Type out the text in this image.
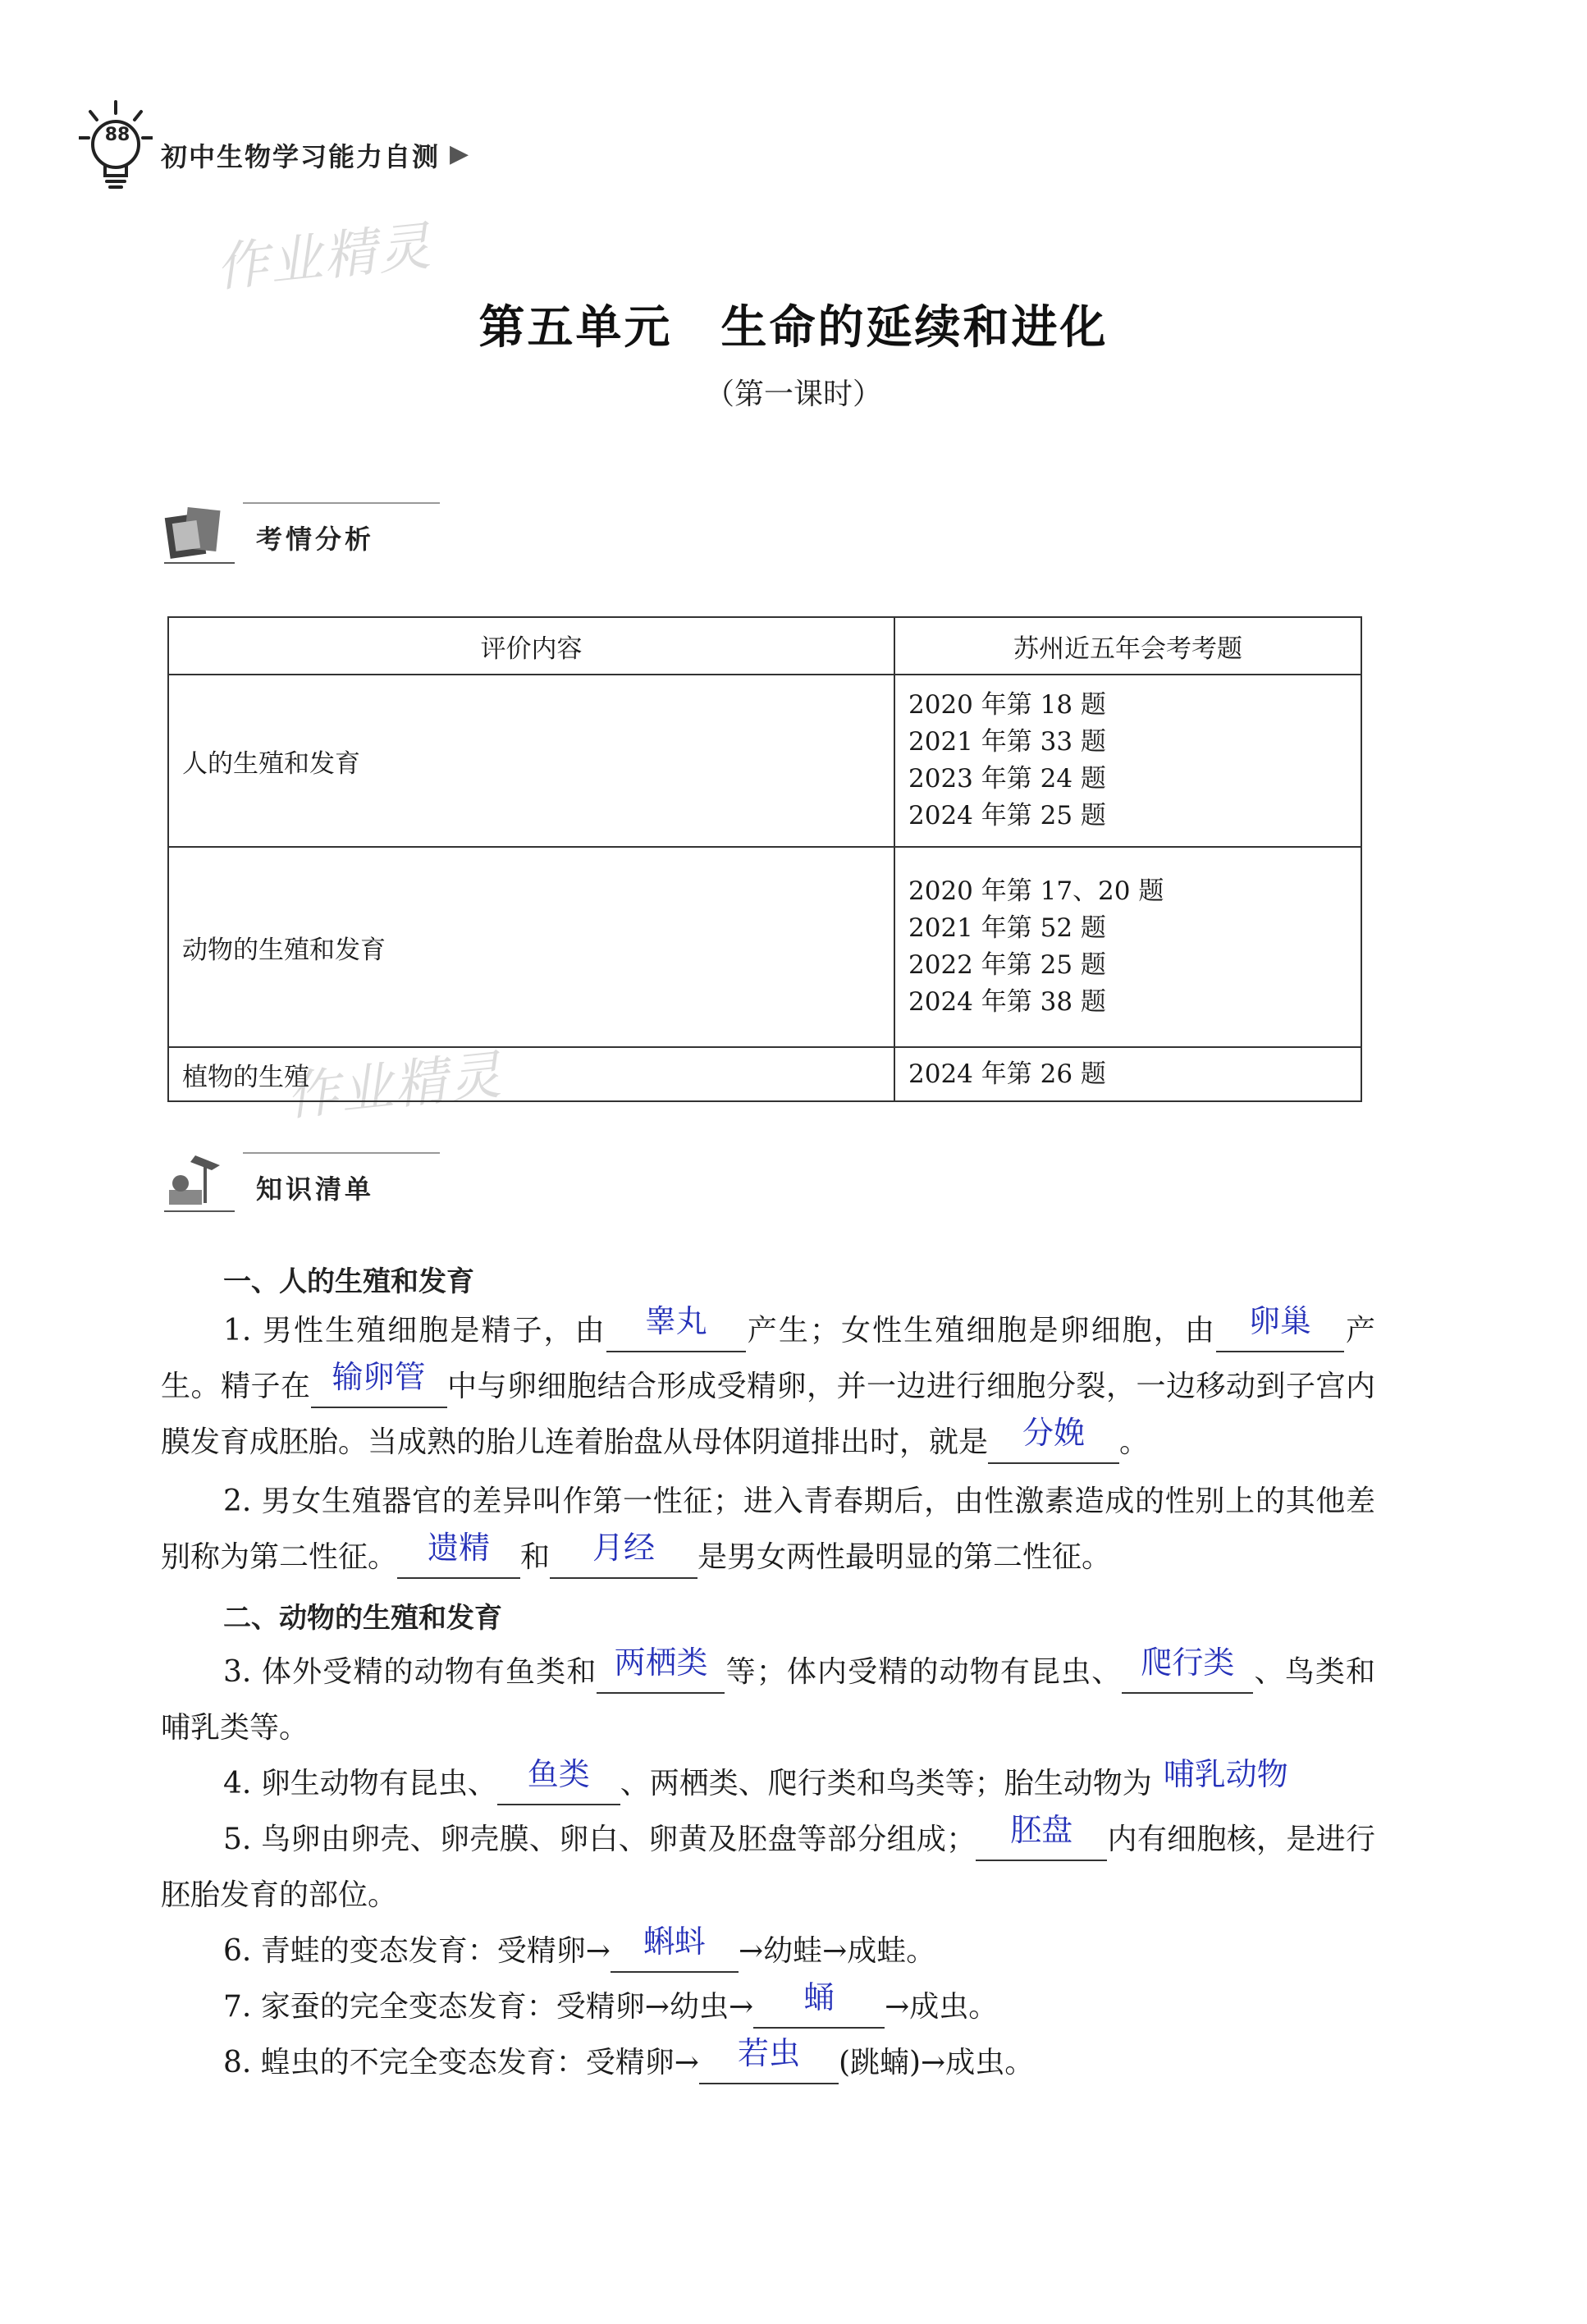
88
初中生物学习能力自测 ▶
作业精灵
作业精灵
第五单元　生命的延续和进化
（第一课时）
考情分析
评价内容	苏州近五年会考考题
人的生殖和发育	2020 年第 18 题
2021 年第 33 题
2023 年第 24 题
2024 年第 25 题

动物的生殖和发育	2020 年第 17、20 题
2021 年第 52 题
2022 年第 25 题
2024 年第 38 题

植物的生殖	2024 年第 26 题
知识清单
一、人的生殖和发育

1. 男性生殖细胞是精子，由 睾丸 产生；女性生殖细胞是卵细胞，由 卵巢 产生。精子在 输卵管 中与卵细胞结合形成受精卵，并一边进行细胞分裂，一边移动到子宫内膜发育成胚胎。当成熟的胎儿连着胎盘从母体阴道排出时，就是 分娩 。

2. 男女生殖器官的差异叫作第一性征；进入青春期后，由性激素造成的性别上的其他差别称为第二性征。 遗精 和 月经 是男女两性最明显的第二性征。

二、动物的生殖和发育

3. 体外受精的动物有鱼类和 两栖类 等；体内受精的动物有昆虫、 爬行类 、鸟类和哺乳类等。

4. 卵生动物有昆虫、 鱼类 、两栖类、爬行类和鸟类等；胎生动物为 哺乳动物

5. 鸟卵由卵壳、卵壳膜、卵白、卵黄及胚盘等部分组成； 胚盘 内有细胞核，是进行胚胎发育的部位。

6. 青蛙的变态发育：受精卵→ 蝌蚪 →幼蛙→成蛙。

7. 家蚕的完全变态发育：受精卵→幼虫→ 蛹 →成虫。

8. 蝗虫的不完全变态发育：受精卵→ 若虫 (跳蝻)→成虫。
